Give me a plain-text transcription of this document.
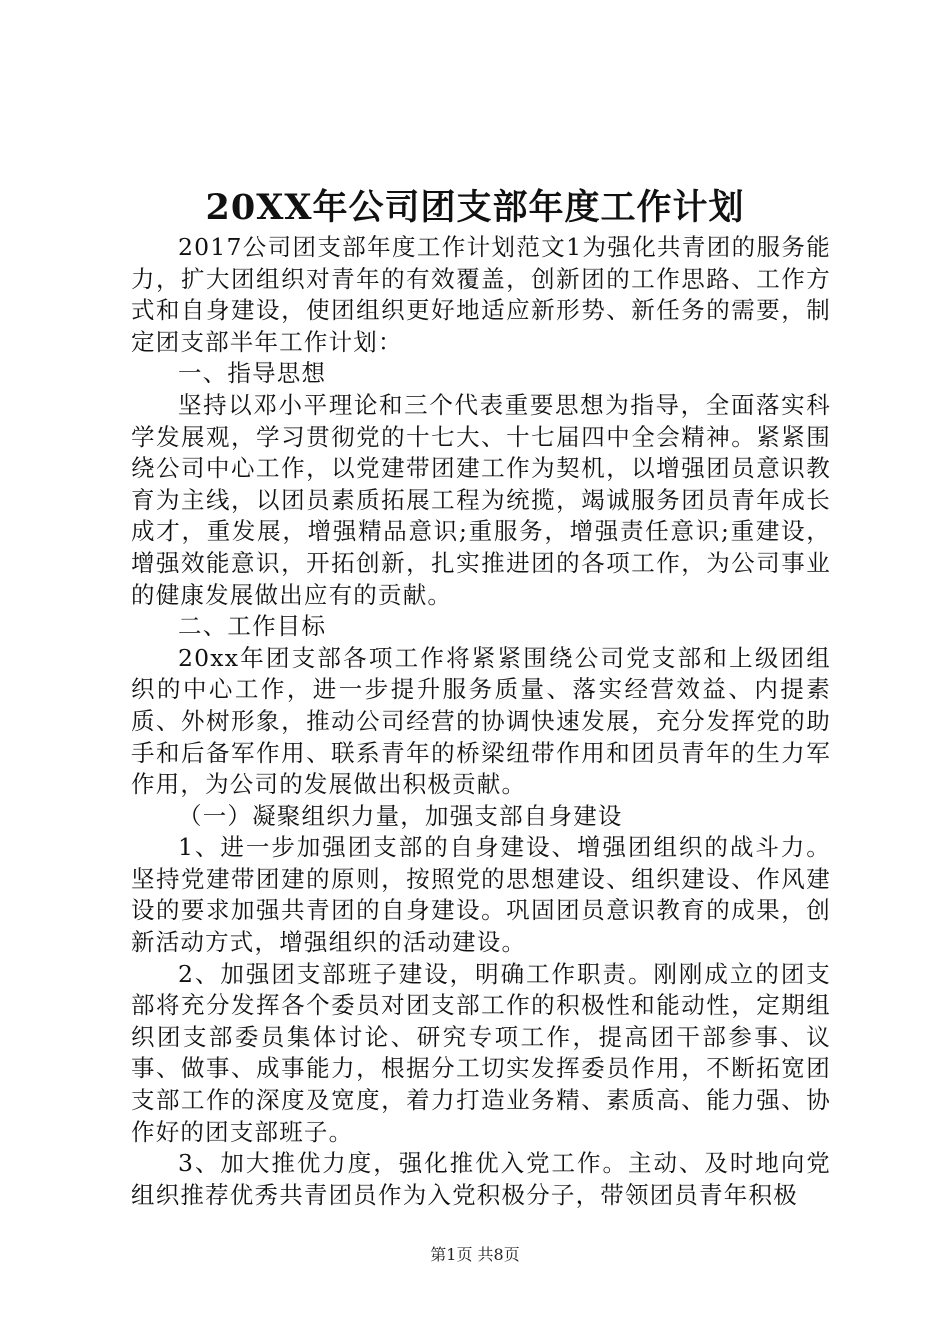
20XX年公司团支部年度工作计划

2017公司团支部年度工作计划范文1为强化共青团的服务能力，扩大团组织对青年的有效覆盖，创新团的工作思路、工作方式和自身建设，使团组织更好地适应新形势、新任务的需要，制定团支部半年工作计划：

一、指导思想

坚持以邓小平理论和三个代表重要思想为指导，全面落实科学发展观，学习贯彻党的十七大、十七届四中全会精神。紧紧围绕公司中心工作，以党建带团建工作为契机，以增强团员意识教育为主线，以团员素质拓展工程为统揽，竭诚服务团员青年成长成才，重发展，增强精品意识;重服务，增强责任意识;重建设，增强效能意识，开拓创新，扎实推进团的各项工作，为公司事业的健康发展做出应有的贡献。

二、工作目标

20xx年团支部各项工作将紧紧围绕公司党支部和上级团组织的中心工作，进一步提升服务质量、落实经营效益、内提素质、外树形象，推动公司经营的协调快速发展，充分发挥党的助手和后备军作用、联系青年的桥梁纽带作用和团员青年的生力军作用，为公司的发展做出积极贡献。

（一）凝聚组织力量，加强支部自身建设

1、进一步加强团支部的自身建设、增强团组织的战斗力。坚持党建带团建的原则，按照党的思想建设、组织建设、作风建设的要求加强共青团的自身建设。巩固团员意识教育的成果，创新活动方式，增强组织的活动建设。

2、加强团支部班子建设，明确工作职责。刚刚成立的团支部将充分发挥各个委员对团支部工作的积极性和能动性，定期组织团支部委员集体讨论、研究专项工作，提高团干部参事、议事、做事、成事能力，根据分工切实发挥委员作用，不断拓宽团支部工作的深度及宽度，着力打造业务精、素质高、能力强、协作好的团支部班子。

3、加大推优力度，强化推优入党工作。主动、及时地向党组织推荐优秀共青团员作为入党积极分子，带领团员青年积极

第1页 共8页
